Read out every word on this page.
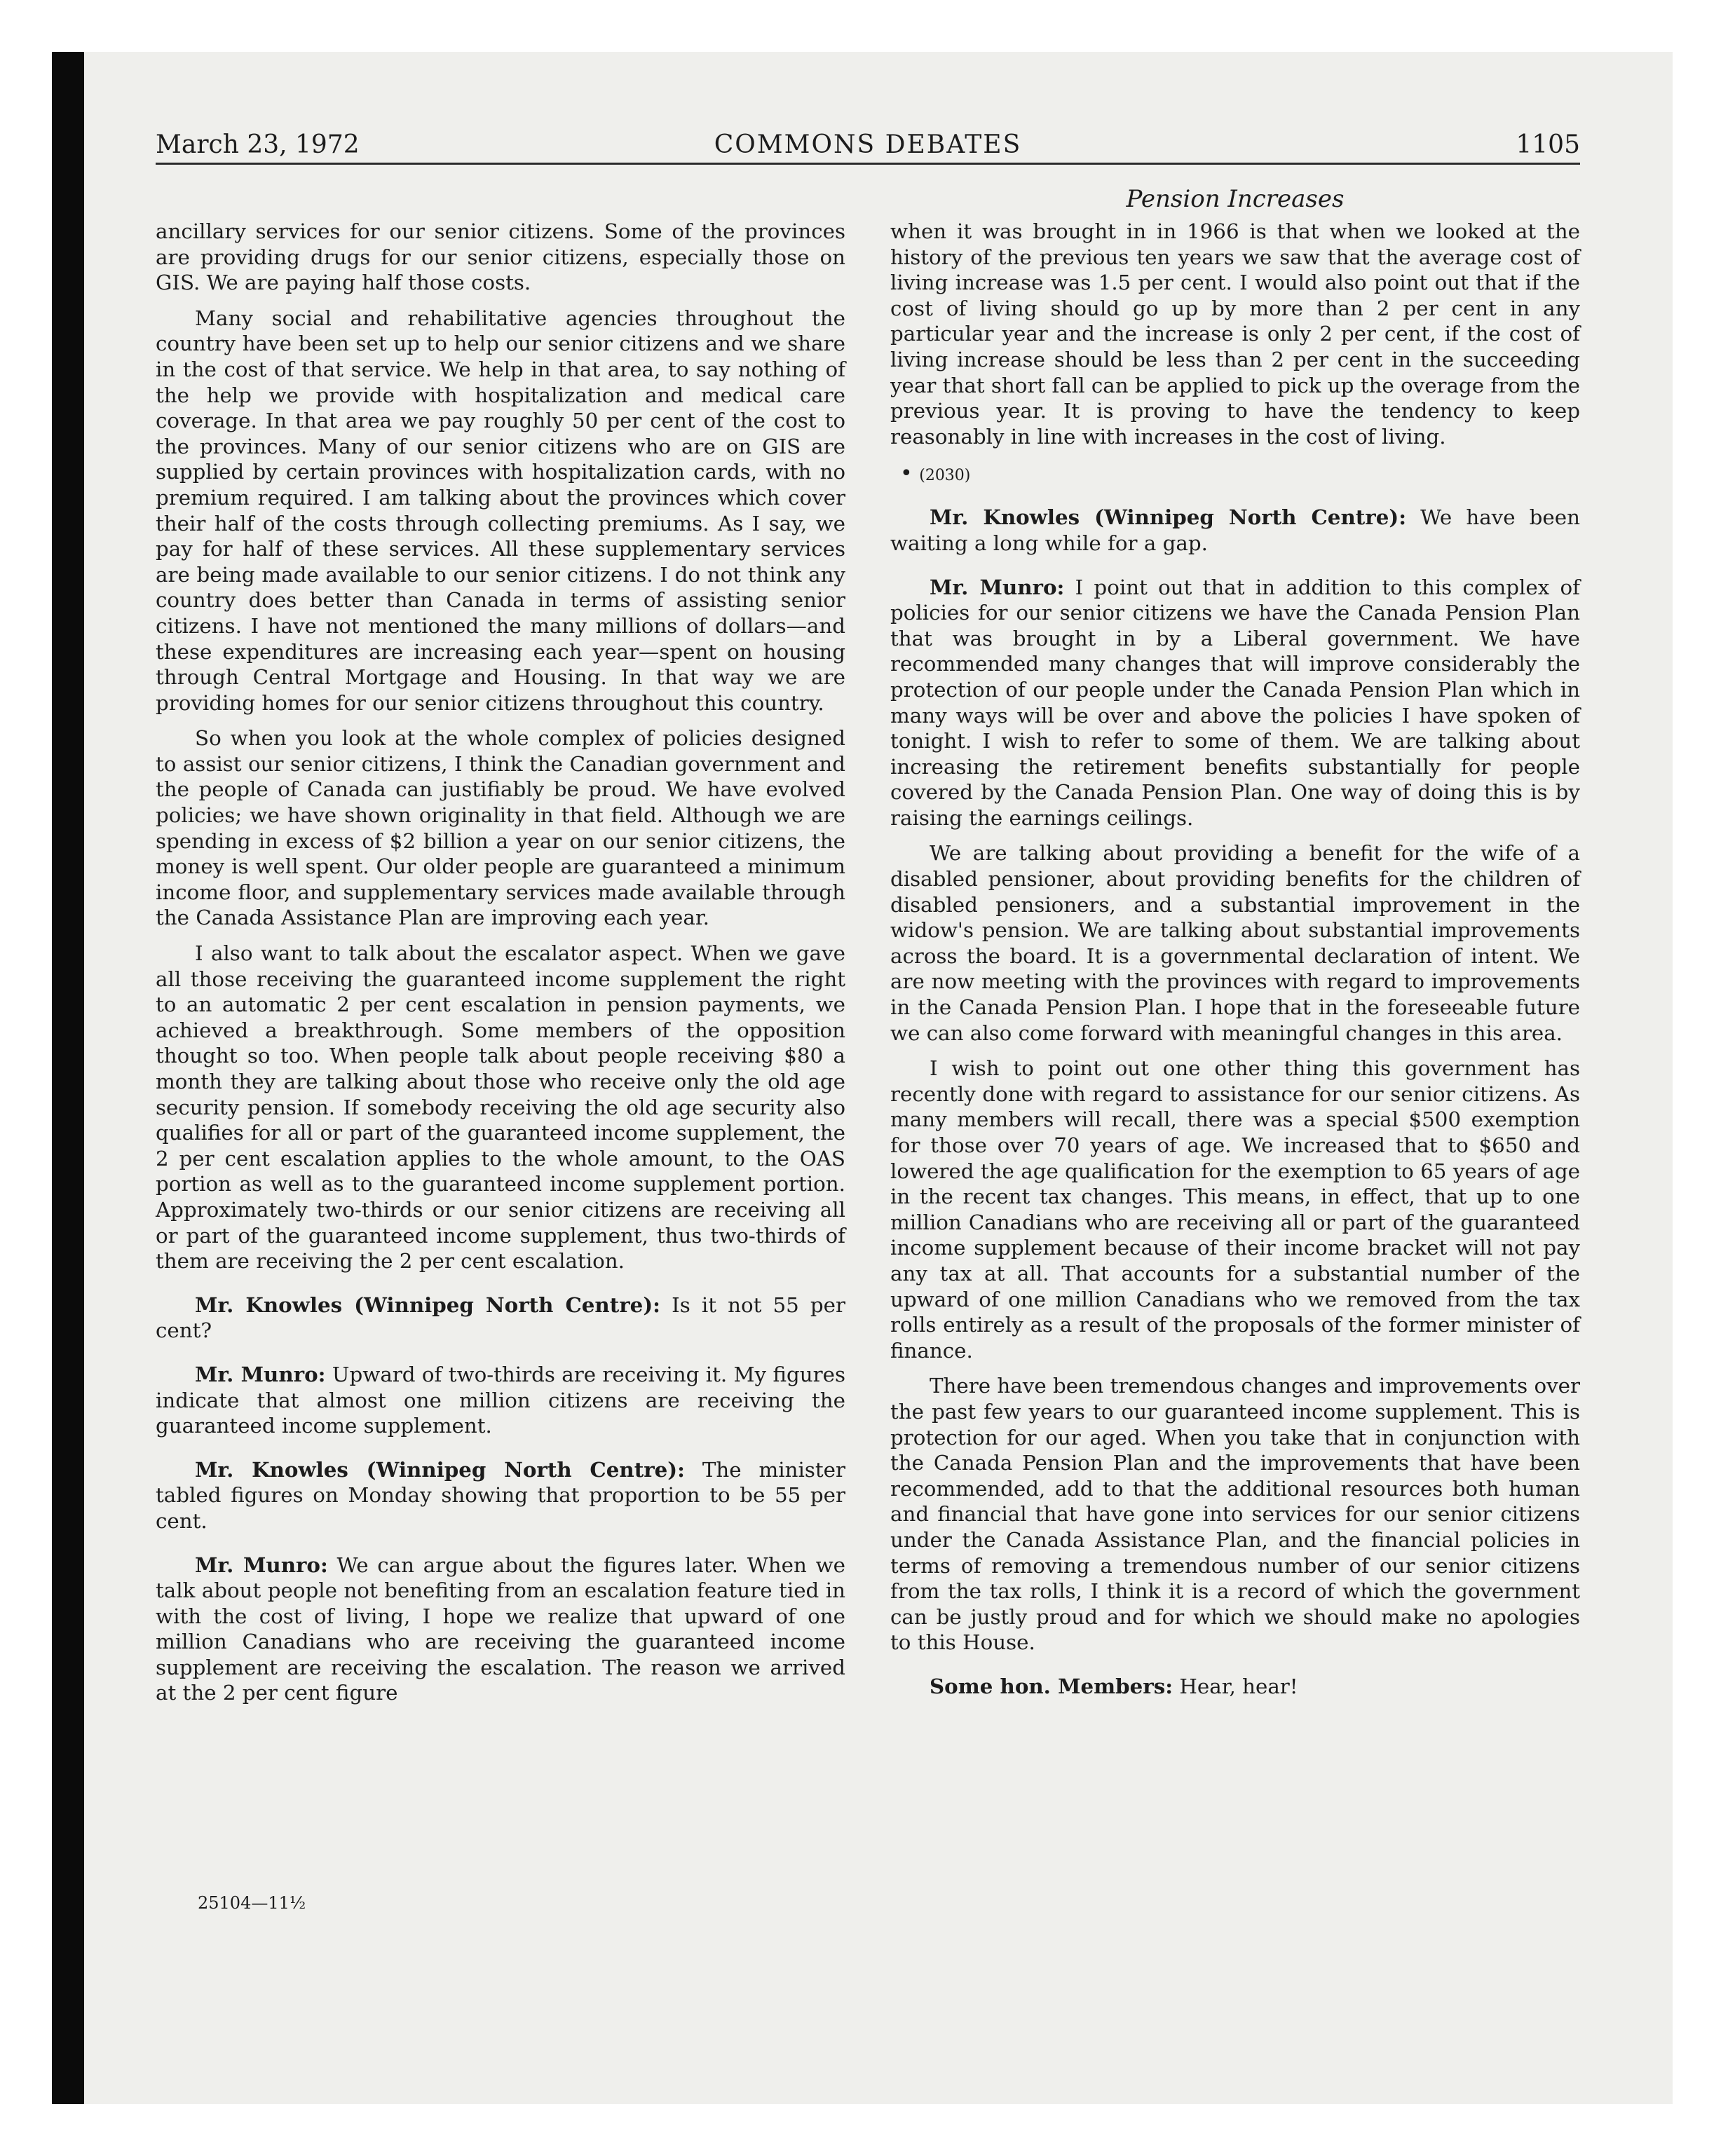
COMMONS DEBATES
March 23, 1972	1105
Pension Increases

ancillary services for our senior citizens. Some of the provinces are providing drugs for our senior citizens, especially those on GIS. We are paying half those costs.

Many social and rehabilitative agencies throughout the country have been set up to help our senior citizens and we share in the cost of that service. We help in that area, to say nothing of the help we provide with hospitalization and medical care coverage. In that area we pay roughly 50 per cent of the cost to the provinces. Many of our senior citizens who are on GIS are supplied by certain provinces with hospitalization cards, with no premium required. I am talking about the provinces which cover their half of the costs through collecting premiums. As I say, we pay for half of these services. All these supplementary services are being made available to our senior citizens. I do not think any country does better than Canada in terms of assisting senior citizens. I have not mentioned the many millions of dollars—and these expenditures are increasing each year—spent on housing through Central Mortgage and Housing. In that way we are providing homes for our senior citizens throughout this country.

So when you look at the whole complex of policies designed to assist our senior citizens, I think the Canadian government and the people of Canada can justifiably be proud. We have evolved policies; we have shown originality in that field. Although we are spending in excess of $2 billion a year on our senior citizens, the money is well spent. Our older people are guaranteed a minimum income floor, and supplementary services made available through the Canada Assistance Plan are improving each year.

I also want to talk about the escalator aspect. When we gave all those receiving the guaranteed income supplement the right to an automatic 2 per cent escalation in pension payments, we achieved a breakthrough. Some members of the opposition thought so too. When people talk about people receiving $80 a month they are talking about those who receive only the old age security pension. If somebody receiving the old age security also qualifies for all or part of the guaranteed income supplement, the 2 per cent escalation applies to the whole amount, to the OAS portion as well as to the guaranteed income supplement portion. Approximately two-thirds or our senior citizens are receiving all or part of the guaranteed income supplement, thus two-thirds of them are receiving the 2 per cent escalation.

Mr. Knowles (Winnipeg North Centre): Is it not 55 per cent?

Mr. Munro: Upward of two-thirds are receiving it. My figures indicate that almost one million citizens are receiving the guaranteed income supplement.

Mr. Knowles (Winnipeg North Centre): The minister tabled figures on Monday showing that proportion to be 55 per cent.

Mr. Munro: We can argue about the figures later. When we talk about people not benefiting from an escalation feature tied in with the cost of living, I hope we realize that upward of one million Canadians who are receiving the guaranteed income supplement are receiving the escalation. The reason we arrived at the 2 per cent figure

when it was brought in in 1966 is that when we looked at the history of the previous ten years we saw that the average cost of living increase was 1.5 per cent. I would also point out that if the cost of living should go up by more than 2 per cent in any particular year and the increase is only 2 per cent, if the cost of living increase should be less than 2 per cent in the succeeding year that short fall can be applied to pick up the overage from the previous year. It is proving to have the tendency to keep reasonably in line with increases in the cost of living.

• (2030)

Mr. Knowles (Winnipeg North Centre): We have been waiting a long while for a gap.

Mr. Munro: I point out that in addition to this complex of policies for our senior citizens we have the Canada Pension Plan that was brought in by a Liberal government. We have recommended many changes that will improve considerably the protection of our people under the Canada Pension Plan which in many ways will be over and above the policies I have spoken of tonight. I wish to refer to some of them. We are talking about increasing the retirement benefits substantially for people covered by the Canada Pension Plan. One way of doing this is by raising the earnings ceilings.

We are talking about providing a benefit for the wife of a disabled pensioner, about providing benefits for the children of disabled pensioners, and a substantial improvement in the widow's pension. We are talking about substantial improvements across the board. It is a governmental declaration of intent. We are now meeting with the provinces with regard to improvements in the Canada Pension Plan. I hope that in the foreseeable future we can also come forward with meaningful changes in this area.

I wish to point out one other thing this government has recently done with regard to assistance for our senior citizens. As many members will recall, there was a special $500 exemption for those over 70 years of age. We increased that to $650 and lowered the age qualification for the exemption to 65 years of age in the recent tax changes. This means, in effect, that up to one million Canadians who are receiving all or part of the guaranteed income supplement because of their income bracket will not pay any tax at all. That accounts for a substantial number of the upward of one million Canadians who we removed from the tax rolls entirely as a result of the proposals of the former minister of finance.

There have been tremendous changes and improvements over the past few years to our guaranteed income supplement. This is protection for our aged. When you take that in conjunction with the Canada Pension Plan and the improvements that have been recommended, add to that the additional resources both human and financial that have gone into services for our senior citizens under the Canada Assistance Plan, and the financial policies in terms of removing a tremendous number of our senior citizens from the tax rolls, I think it is a record of which the government can be justly proud and for which we should make no apologies to this House.

Some hon. Members: Hear, hear!

25104—11½
